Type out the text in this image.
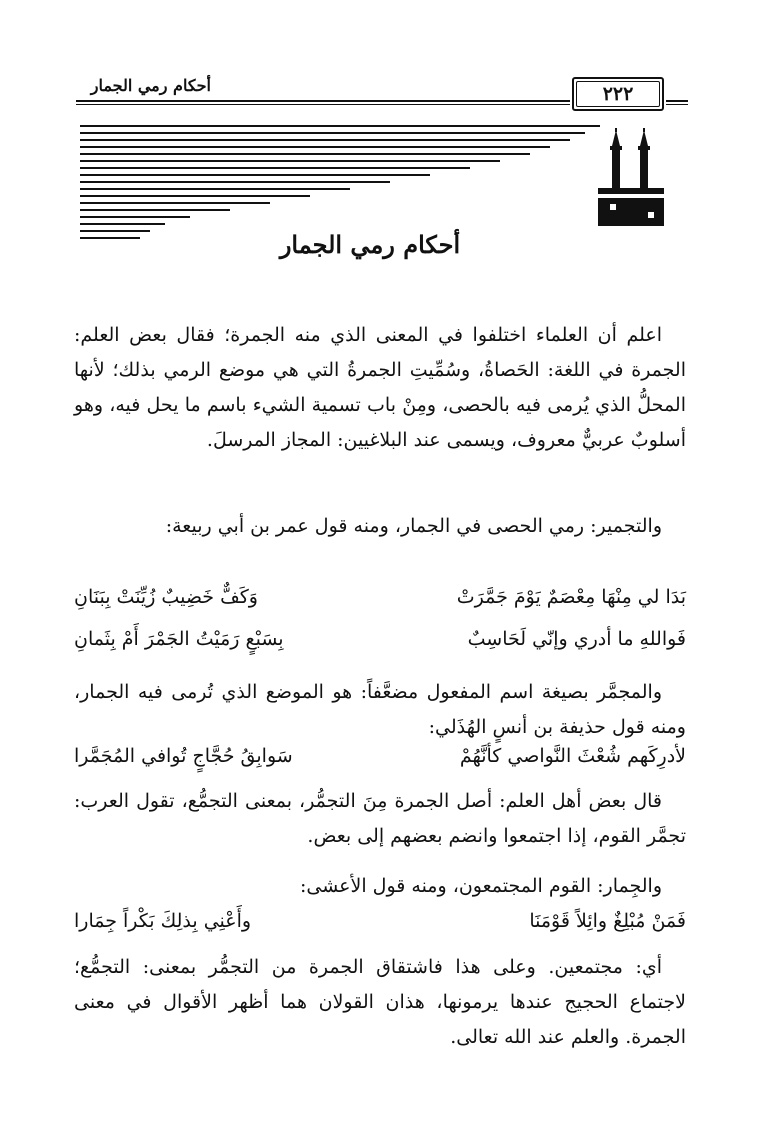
أحكام رمي الجمار	٢٢٢
أحكام رمي الجمار
اعلم أن العلماء اختلفوا في المعنى الذي منه الجمرة؛ فقال بعض العلم: الجمرة في اللغة: الحَصاةُ، وسُمِّيتِ الجمرةُ التي هي موضع الرمي بذلك؛ لأنها المحلُّ الذي يُرمى فيه بالحصى، ومِنْ باب تسمية الشيء باسم ما يحل فيه، وهو أسلوبٌ عربيٌّ معروف، ويسمى عند البلاغيين: المجاز المرسلَ.
والتجمير: رمي الحصى في الجمار، ومنه قول عمر بن أبي ربيعة:
بَدَا لي مِنْهَا مِعْصَمٌ يَوْمَ جَمَّرَتْ
وَكَفٌّ خَضِيبٌ زُيِّنَتْ بِبَنَانِ
فَواللهِ ما أدري وإنّي لَحَاسِبٌ
بِسَبْعٍ رَمَيْتُ الجَمْرَ أَمْ بِثَمانِ
والمجمَّر بصيغة اسم المفعول مضعَّفاً: هو الموضع الذي تُرمى فيه الجمار، ومنه قول حذيفة بن أنسٍ الهُذَلي:
لأدرِكَهم شُعْثَ النَّواصي كأنَّهُمْ
سَوابِقُ حُجَّاجٍ تُوافي المُجَمَّرا
قال بعض أهل العلم: أصل الجمرة مِنَ التجمُّر، بمعنى التجمُّع، تقول العرب: تجمَّر القوم، إذا اجتمعوا وانضم بعضهم إلى بعض.
والجِمار: القوم المجتمعون، ومنه قول الأعشى:
فَمَنْ مُبْلِغٌ وائِلاً قَوْمَنَا
وأَعْنِي بِذلِكَ بَكْراً جِمَارا
أي: مجتمعين. وعلى هذا فاشتقاق الجمرة من التجمُّر بمعنى: التجمُّع؛ لاجتماع الحجيج عندها يرمونها، هذان القولان هما أظهر الأقوال في معنى الجمرة. والعلم عند الله تعالى.
